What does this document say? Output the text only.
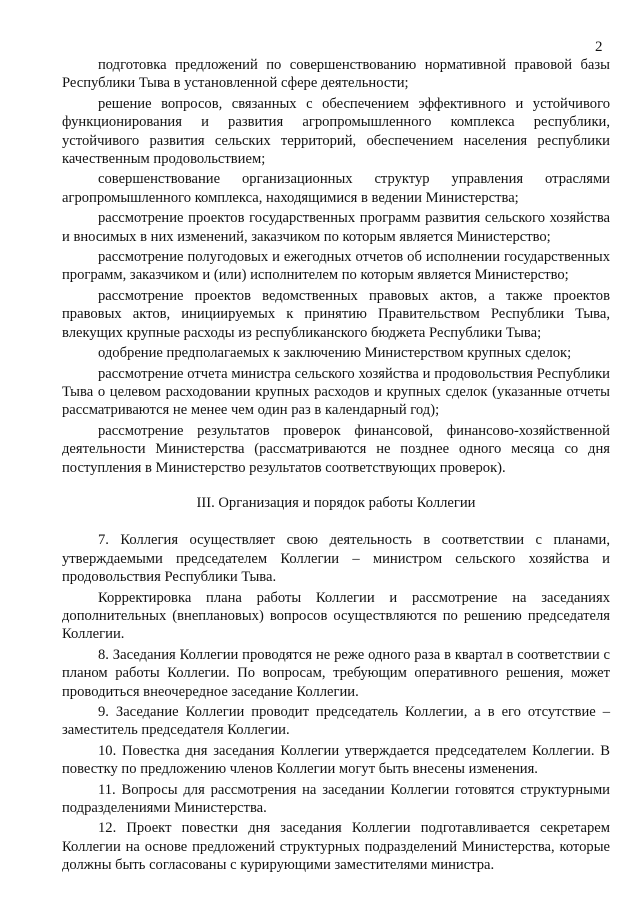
2

подготовка предложений по совершенствованию нормативной правовой базы Республики Тыва в установленной сфере деятельности;

решение вопросов, связанных с обеспечением эффективного и устойчивого функционирования и развития агропромышленного комплекса республики, устойчивого развития сельских территорий, обеспечением населения республики качественным продовольствием;

совершенствование организационных структур управления отраслями агропромышленного комплекса, находящимися в ведении Министерства;

рассмотрение проектов государственных программ развития сельского хозяйства и вносимых в них изменений, заказчиком по которым является Министерство;

рассмотрение полугодовых и ежегодных отчетов об исполнении государственных программ, заказчиком и (или) исполнителем по которым является Министерство;

рассмотрение проектов ведомственных правовых актов, а также проектов правовых актов, инициируемых к принятию Правительством Республики Тыва, влекущих крупные расходы из республиканского бюджета Республики Тыва;

одобрение предполагаемых к заключению Министерством крупных сделок;

рассмотрение отчета министра сельского хозяйства и продовольствия Республики Тыва о целевом расходовании крупных расходов и крупных сделок (указанные отчеты рассматриваются не менее чем один раз в календарный год);

рассмотрение результатов проверок финансовой, финансово-хозяйственной деятельности Министерства (рассматриваются не позднее одного месяца со дня поступления в Министерство результатов соответствующих проверок).

III. Организация и порядок работы Коллегии

7. Коллегия осуществляет свою деятельность в соответствии с планами, утверждаемыми председателем Коллегии – министром сельского хозяйства и продовольствия Республики Тыва.

Корректировка плана работы Коллегии и рассмотрение на заседаниях дополнительных (внеплановых) вопросов осуществляются по решению председателя Коллегии.

8. Заседания Коллегии проводятся не реже одного раза в квартал в соответствии с планом работы Коллегии. По вопросам, требующим оперативного решения, может проводиться внеочередное заседание Коллегии.

9. Заседание Коллегии проводит председатель Коллегии, а в его отсутствие – заместитель председателя Коллегии.

10. Повестка дня заседания Коллегии утверждается председателем Коллегии. В повестку по предложению членов Коллегии могут быть внесены изменения.

11. Вопросы для рассмотрения на заседании Коллегии готовятся структурными подразделениями Министерства.

12. Проект повестки дня заседания Коллегии подготавливается секретарем Коллегии на основе предложений структурных подразделений Министерства, которые должны быть согласованы с курирующими заместителями министра.
